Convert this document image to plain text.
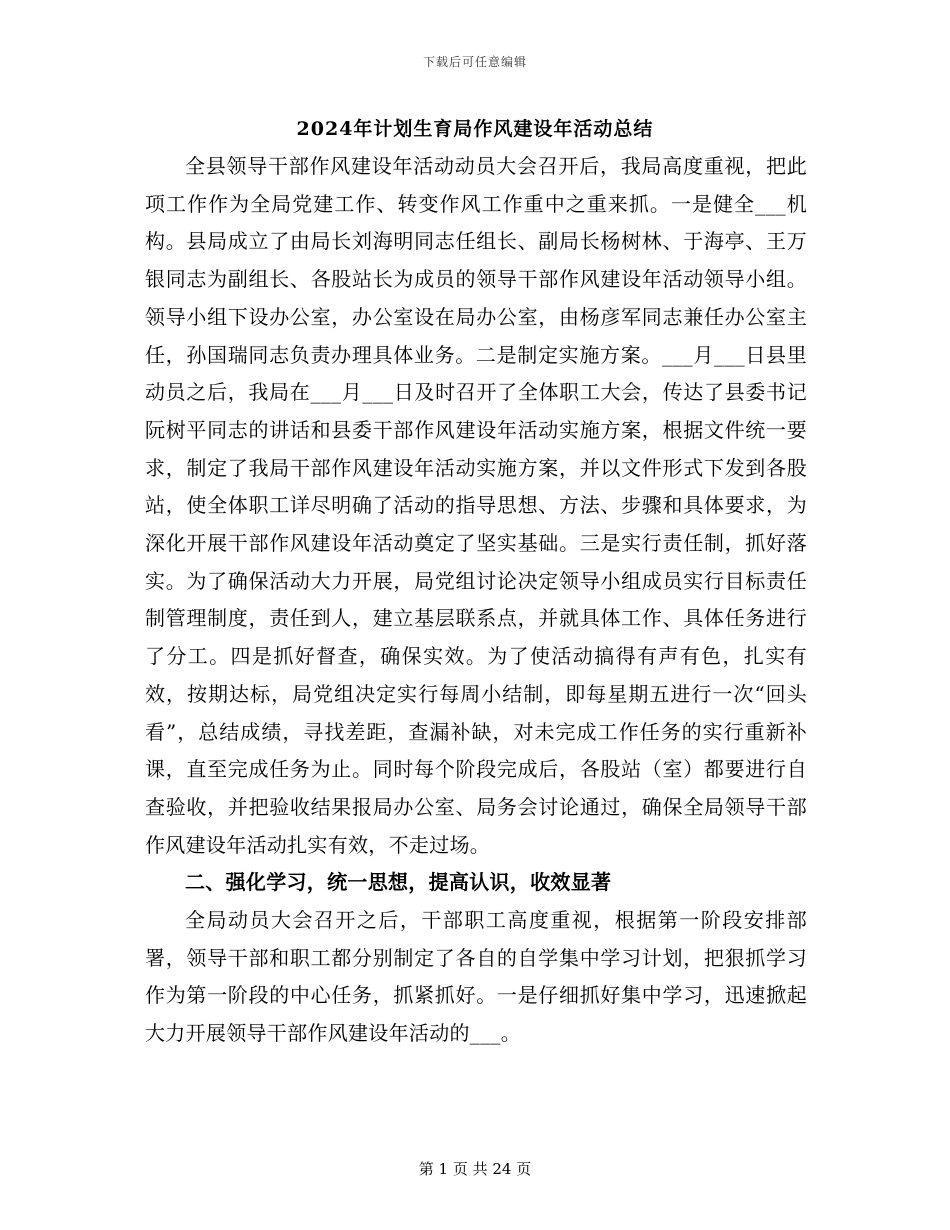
下载后可任意编辑
2024年计划生育局作风建设年活动总结

全县领导干部作风建设年活动动员大会召开后，我局高度重视，把此项工作作为全局党建工作、转变作风工作重中之重来抓。一是健全___机构。县局成立了由局长刘海明同志任组长、副局长杨树林、于海亭、王万银同志为副组长、各股站长为成员的领导干部作风建设年活动领导小组。领导小组下设办公室，办公室设在局办公室，由杨彦军同志兼任办公室主任，孙国瑞同志负责办理具体业务。二是制定实施方案。___月___日县里动员之后，我局在___月___日及时召开了全体职工大会，传达了县委书记阮树平同志的讲话和县委干部作风建设年活动实施方案，根据文件统一要求，制定了我局干部作风建设年活动实施方案，并以文件形式下发到各股站，使全体职工详尽明确了活动的指导思想、方法、步骤和具体要求，为深化开展干部作风建设年活动奠定了坚实基础。三是实行责任制，抓好落实。为了确保活动大力开展，局党组讨论决定领导小组成员实行目标责任制管理制度，责任到人，建立基层联系点，并就具体工作、具体任务进行了分工。四是抓好督查，确保实效。为了使活动搞得有声有色，扎实有效，按期达标，局党组决定实行每周小结制，即每星期五进行一次“回头看”，总结成绩，寻找差距，查漏补缺，对未完成工作任务的实行重新补课，直至完成任务为止。同时每个阶段完成后，各股站（室）都要进行自查验收，并把验收结果报局办公室、局务会讨论通过，确保全局领导干部作风建设年活动扎实有效，不走过场。

二、强化学习，统一思想，提高认识，收效显著

全局动员大会召开之后，干部职工高度重视，根据第一阶段安排部署，领导干部和职工都分别制定了各自的自学集中学习计划，把狠抓学习作为第一阶段的中心任务，抓紧抓好。一是仔细抓好集中学习，迅速掀起大力开展领导干部作风建设年活动的___。

第 1 页 共 24 页
